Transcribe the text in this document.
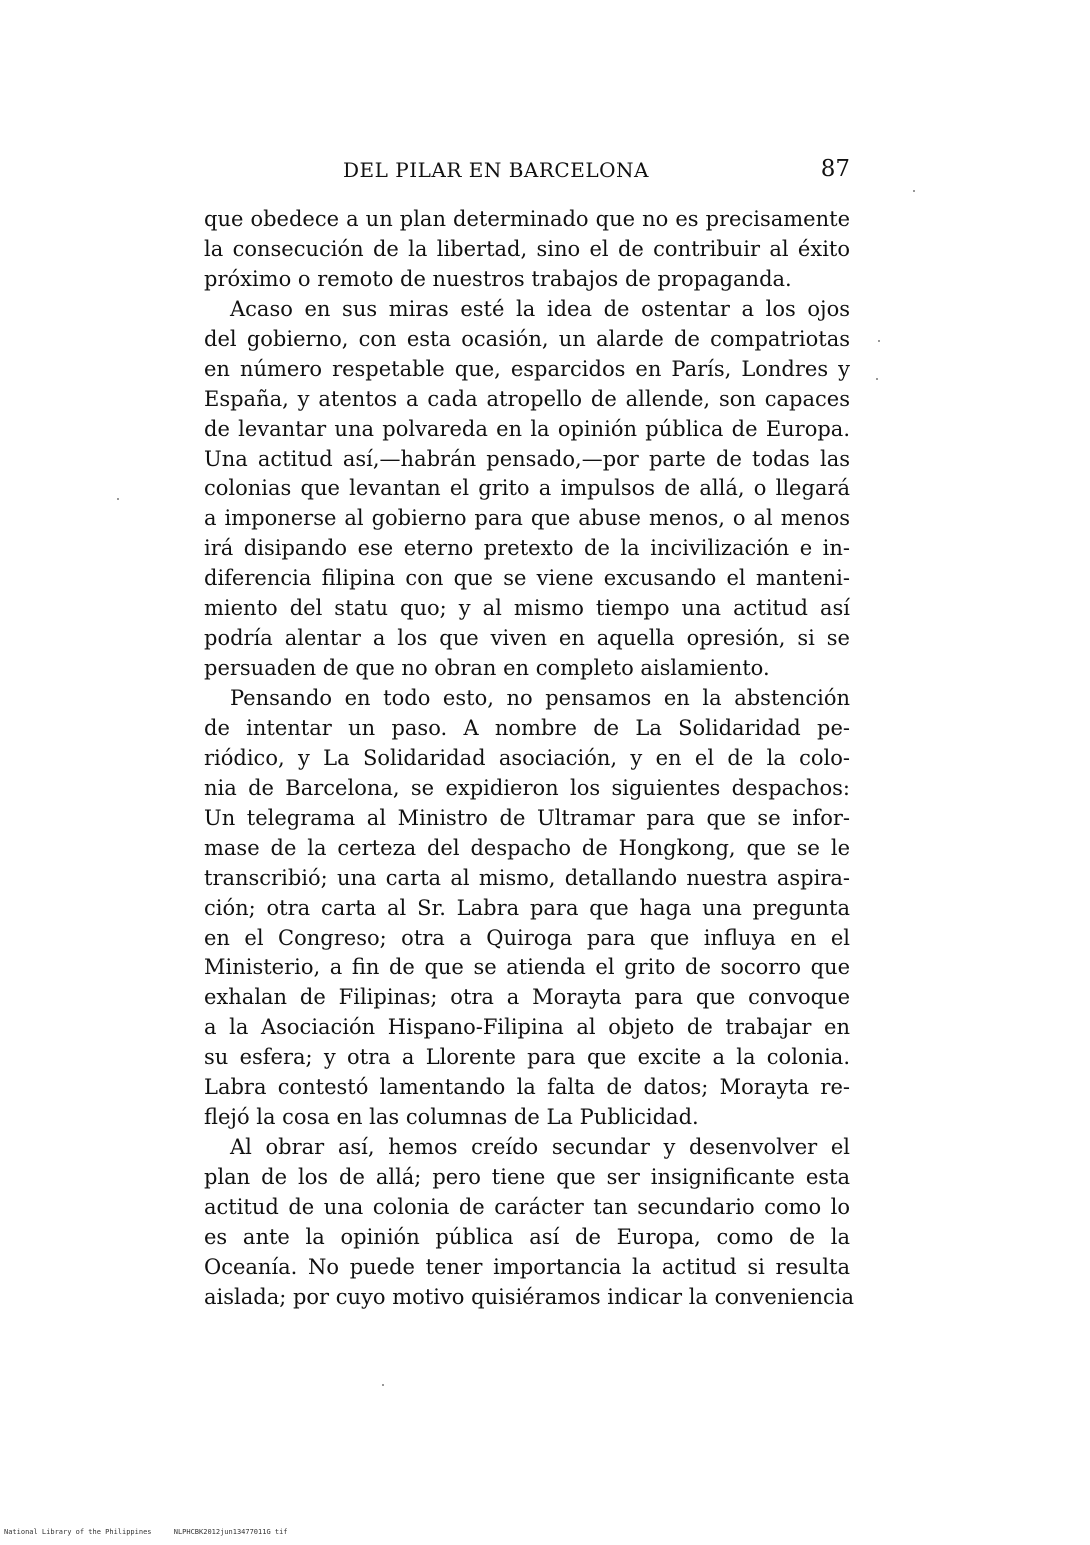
DEL PILAR EN BARCELONA	87
que obedece a un plan determinado que no es precisamente
la consecución de la libertad, sino el de contribuir al éxito
próximo o remoto de nuestros trabajos de propaganda.
Acaso en sus miras esté la idea de ostentar a los ojos
del gobierno, con esta ocasión, un alarde de compatriotas
en número respetable que, esparcidos en París, Londres y
España, y atentos a cada atropello de allende, son capaces
de levantar una polvareda en la opinión pública de Europa.
Una actitud así,—habrán pensado,—por parte de todas las
colonias que levantan el grito a impulsos de allá, o llegará
a imponerse al gobierno para que abuse menos, o al menos
irá disipando ese eterno pretexto de la incivilización e in-
diferencia filipina con que se viene excusando el manteni-
miento del statu quo; y al mismo tiempo una actitud así
podría alentar a los que viven en aquella opresión, si se
persuaden de que no obran en completo aislamiento.
Pensando en todo esto, no pensamos en la abstención
de intentar un paso. A nombre de La Solidaridad pe-
riódico, y La Solidaridad asociación, y en el de la colo-
nia de Barcelona, se expidieron los siguientes despachos:
Un telegrama al Ministro de Ultramar para que se infor-
mase de la certeza del despacho de Hongkong, que se le
transcribió; una carta al mismo, detallando nuestra aspira-
ción; otra carta al Sr. Labra para que haga una pregunta
en el Congreso; otra a Quiroga para que influya en el
Ministerio, a fin de que se atienda el grito de socorro que
exhalan de Filipinas; otra a Morayta para que convoque
a la Asociación Hispano-Filipina al objeto de trabajar en
su esfera; y otra a Llorente para que excite a la colonia.
Labra contestó lamentando la falta de datos; Morayta re-
flejó la cosa en las columnas de La Publicidad.
Al obrar así, hemos creído secundar y desenvolver el
plan de los de allá; pero tiene que ser insignificante esta
actitud de una colonia de carácter tan secundario como lo
es ante la opinión pública así de Europa, como de la
Oceanía. No puede tener importancia la actitud si resulta
aislada; por cuyo motivo quisiéramos indicar la conveniencia
National Library of the Philippines	NLPHCBK2012jun13477011G tif
